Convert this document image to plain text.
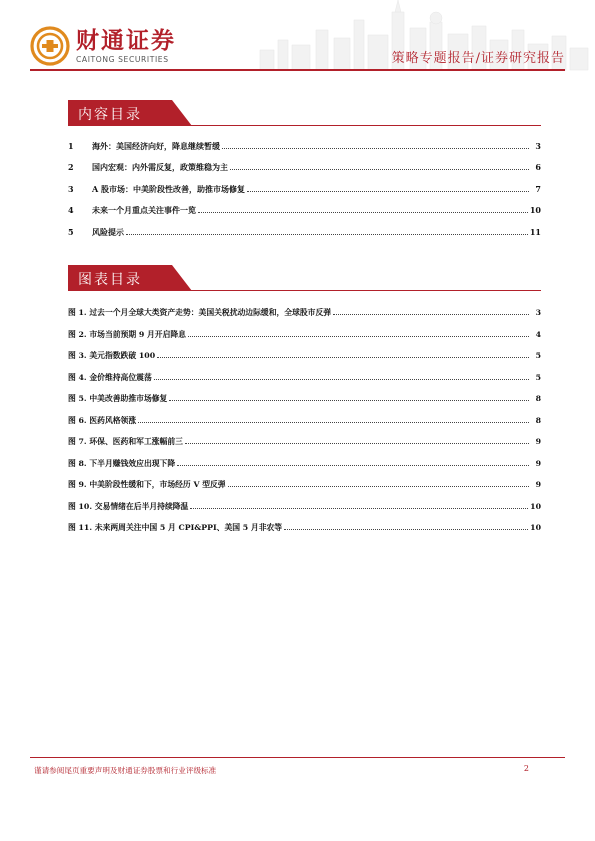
财通证券
CAITONG SECURITIES	策略专题报告/证券研究报告
内容目录
1	海外：美国经济向好，降息继续暂缓	3
2	国内宏观：内外需反复，政策维稳为主	6
3	A 股市场：中美阶段性改善，助推市场修复	7
4	未来一个月重点关注事件一览	10
5	风险提示	11
图表目录
图 1. 过去一个月全球大类资产走势：美国关税扰动边际缓和，全球股市反弹	3
图 2. 市场当前预期 9 月开启降息	4
图 3. 美元指数跌破 100	5
图 4. 金价维持高位震荡	5
图 5. 中美改善助推市场修复	8
图 6. 医药风格领涨	8
图 7. 环保、医药和军工涨幅前三	9
图 8. 下半月赚钱效应出现下降	9
图 9. 中美阶段性缓和下，市场经历 V 型反弹	9
图 10. 交易情绪在后半月持续降温	10
图 11. 未来两周关注中国 5 月 CPI&PPI、美国 5 月非农等	10
谨请参阅尾页重要声明及财通证券股票和行业评级标准	2
